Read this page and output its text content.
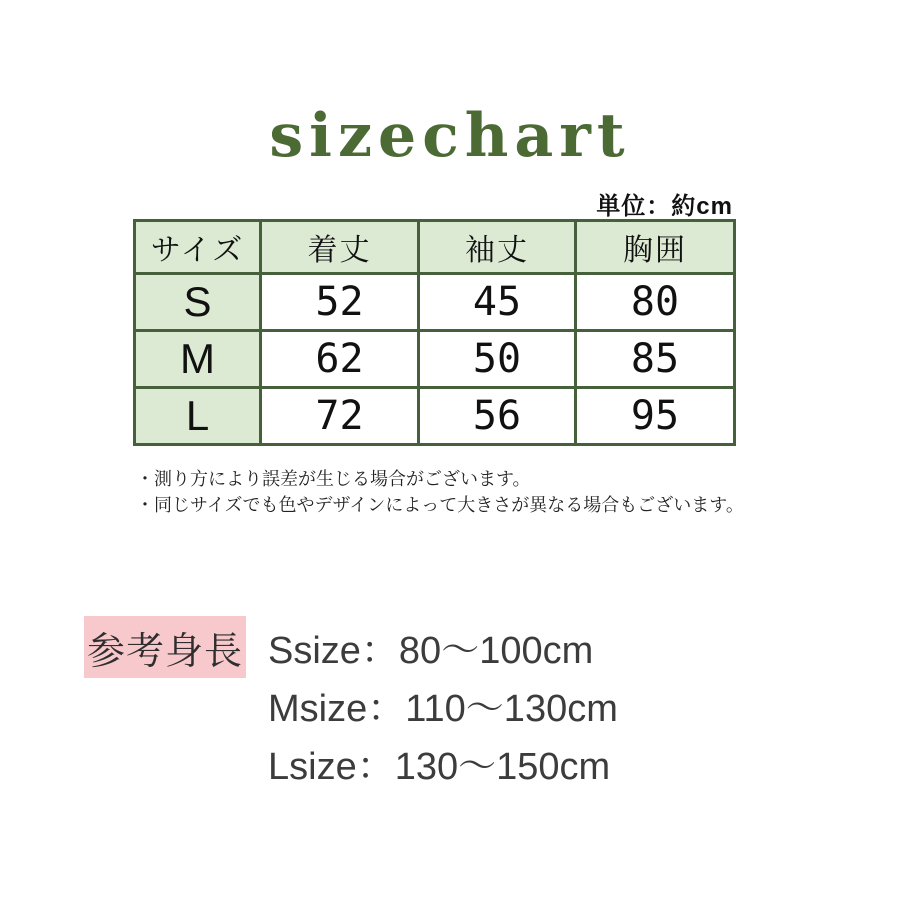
sizechart
単位：約cm
サイズ	着丈	袖丈	胸囲
S	52	45	80
M	62	50	85
L	72	56	95
・測り方により誤差が生じる場合がございます。
・同じサイズでも色やデザインによって大きさが異なる場合もございます。
参考身長 Ssize：80～100cm
Msize：110～130cm
Lsize：130～150cm
